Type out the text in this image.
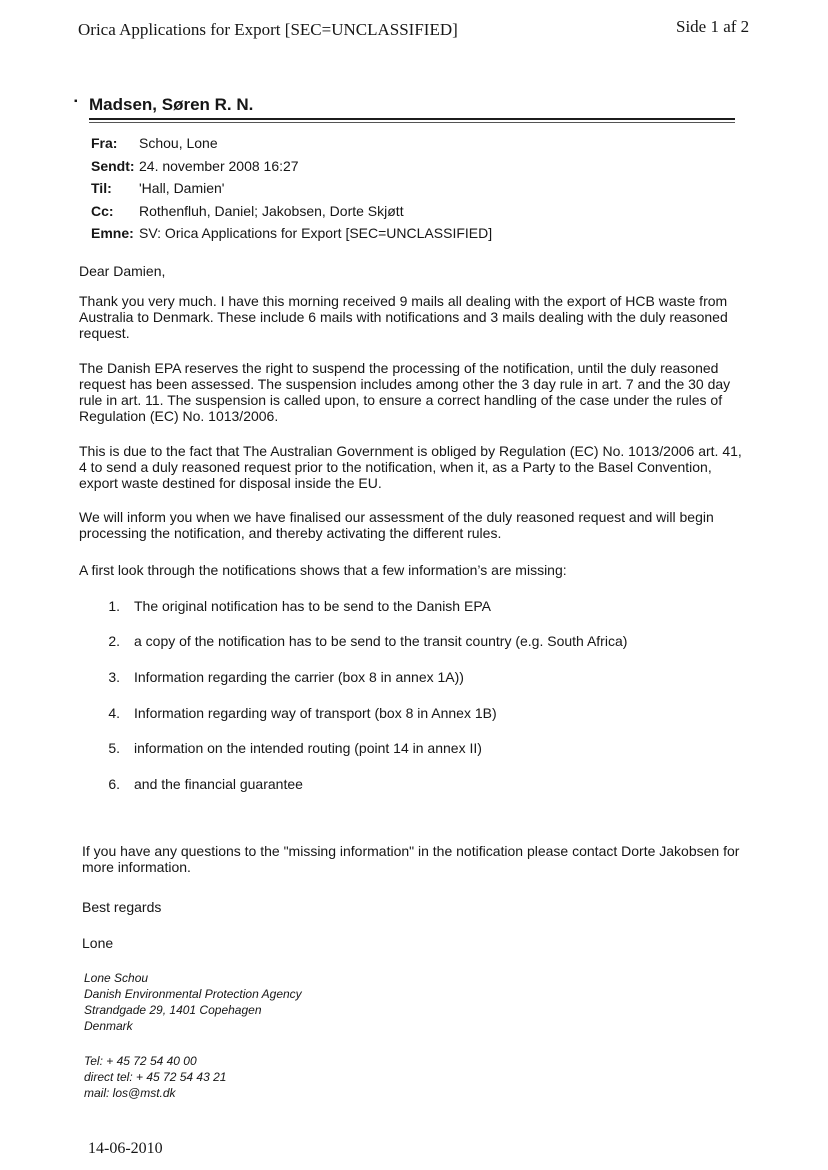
Orica Applications for Export [SEC=UNCLASSIFIED]	Side 1 af 2
▪ Madsen, Søren R. N.
Fra: Schou, Lone
Sendt: 24. november 2008 16:27
Til: 'Hall, Damien'
Cc: Rothenfluh, Daniel; Jakobsen, Dorte Skjøtt
Emne: SV: Orica Applications for Export [SEC=UNCLASSIFIED]
Dear Damien,
Thank you very much. I have this morning received 9 mails all dealing with the export of HCB waste from Australia to Denmark. These include 6 mails with notifications and 3 mails dealing with the duly reasoned request.
The Danish EPA reserves the right to suspend the processing of the notification, until the duly reasoned request has been assessed. The suspension includes among other the 3 day rule in art. 7 and the 30 day rule in art. 11. The suspension is called upon, to ensure a correct handling of the case under the rules of Regulation (EC) No. 1013/2006.
This is due to the fact that The Australian Government is obliged by Regulation (EC) No. 1013/2006 art. 41, 4 to send a duly reasoned request prior to the notification, when it, as a Party to the Basel Convention, export waste destined for disposal inside the EU.
We will inform you when we have finalised our assessment of the duly reasoned request and will begin processing the notification, and thereby activating the different rules.
A first look through the notifications shows that a few information’s are missing:
1. The original notification has to be send to the Danish EPA
2. a copy of the notification has to be send to the transit country (e.g. South Africa)
3. Information regarding the carrier (box 8 in annex 1A))
4. Information regarding way of transport (box 8 in Annex 1B)
5. information on the intended routing (point 14 in annex II)
6. and the financial guarantee
If you have any questions to the "missing information" in the notification please contact Dorte Jakobsen for more information.
Best regards
Lone
Lone Schou
Danish Environmental Protection Agency
Strandgade 29, 1401 Copehagen
Denmark
Tel: + 45 72 54 40 00
direct tel: + 45 72 54 43 21
mail: los@mst.dk
14-06-2010
